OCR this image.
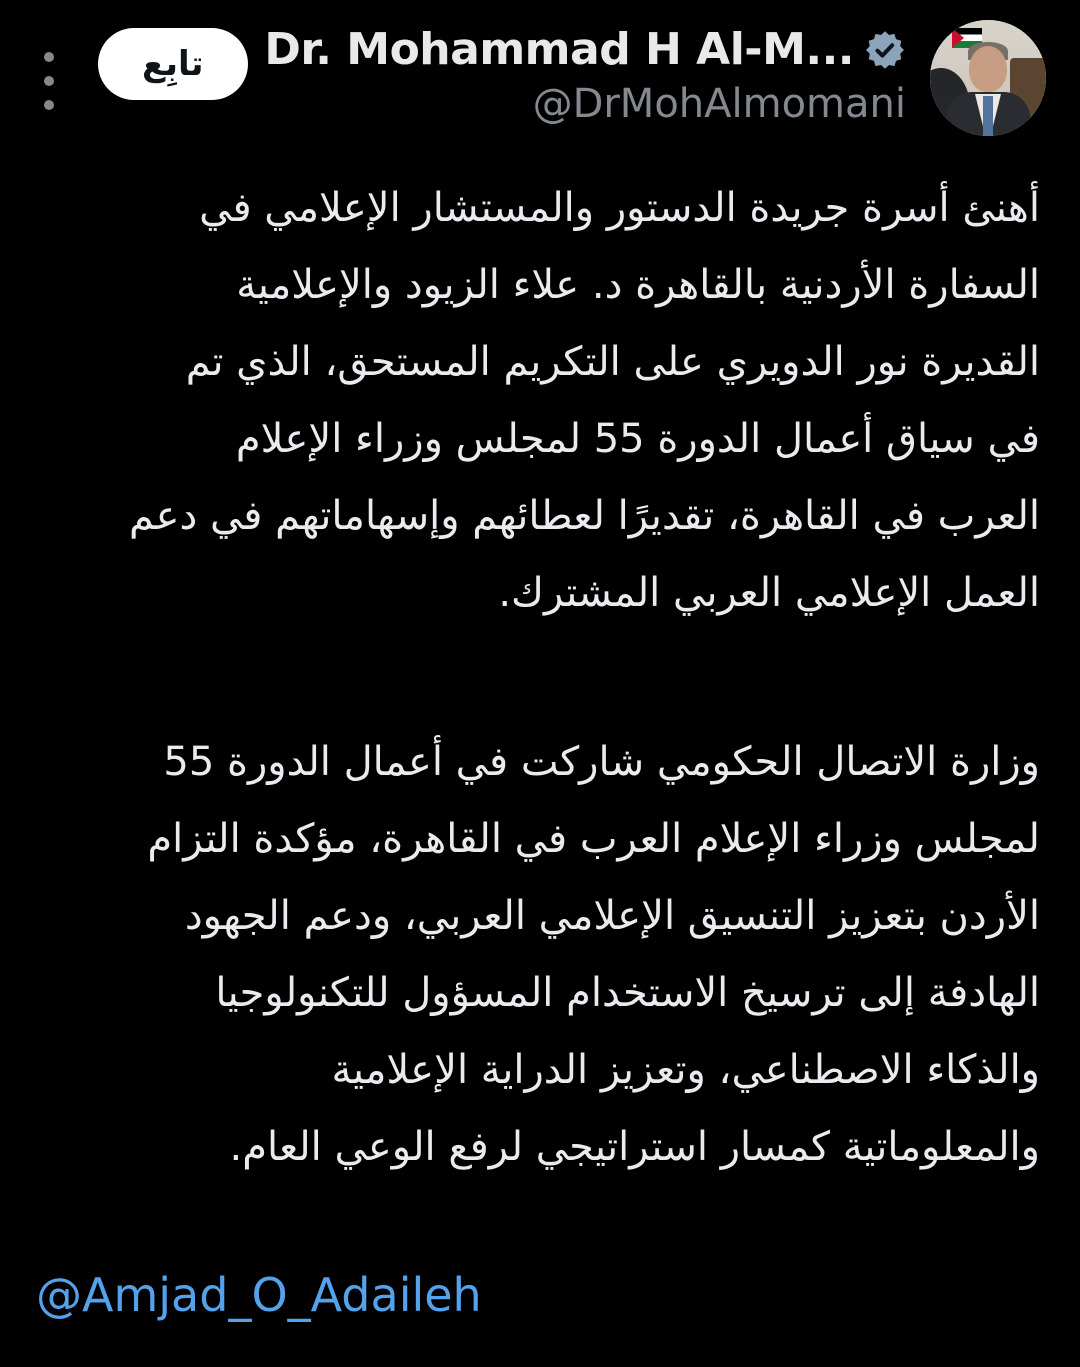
تابِع	Dr. Mohammad H Al-M...
@DrMohAlmomani
أهنئ أسرة جريدة الدستور والمستشار الإعلامي في
السفارة الأردنية بالقاهرة د. علاء الزيود والإعلامية
القديرة نور الدويري على التكريم المستحق، الذي تم
في سياق أعمال الدورة 55 لمجلس وزراء الإعلام
العرب في القاهرة، تقديرًا لعطائهم وإسهاماتهم في دعم
العمل الإعلامي العربي المشترك.
وزارة الاتصال الحكومي شاركت في أعمال الدورة 55
لمجلس وزراء الإعلام العرب في القاهرة، مؤكدة التزام
الأردن بتعزيز التنسيق الإعلامي العربي، ودعم الجهود
الهادفة إلى ترسيخ الاستخدام المسؤول للتكنولوجيا
والذكاء الاصطناعي، وتعزيز الدراية الإعلامية
والمعلوماتية كمسار استراتيجي لرفع الوعي العام.
@Amjad_O_Adaileh
